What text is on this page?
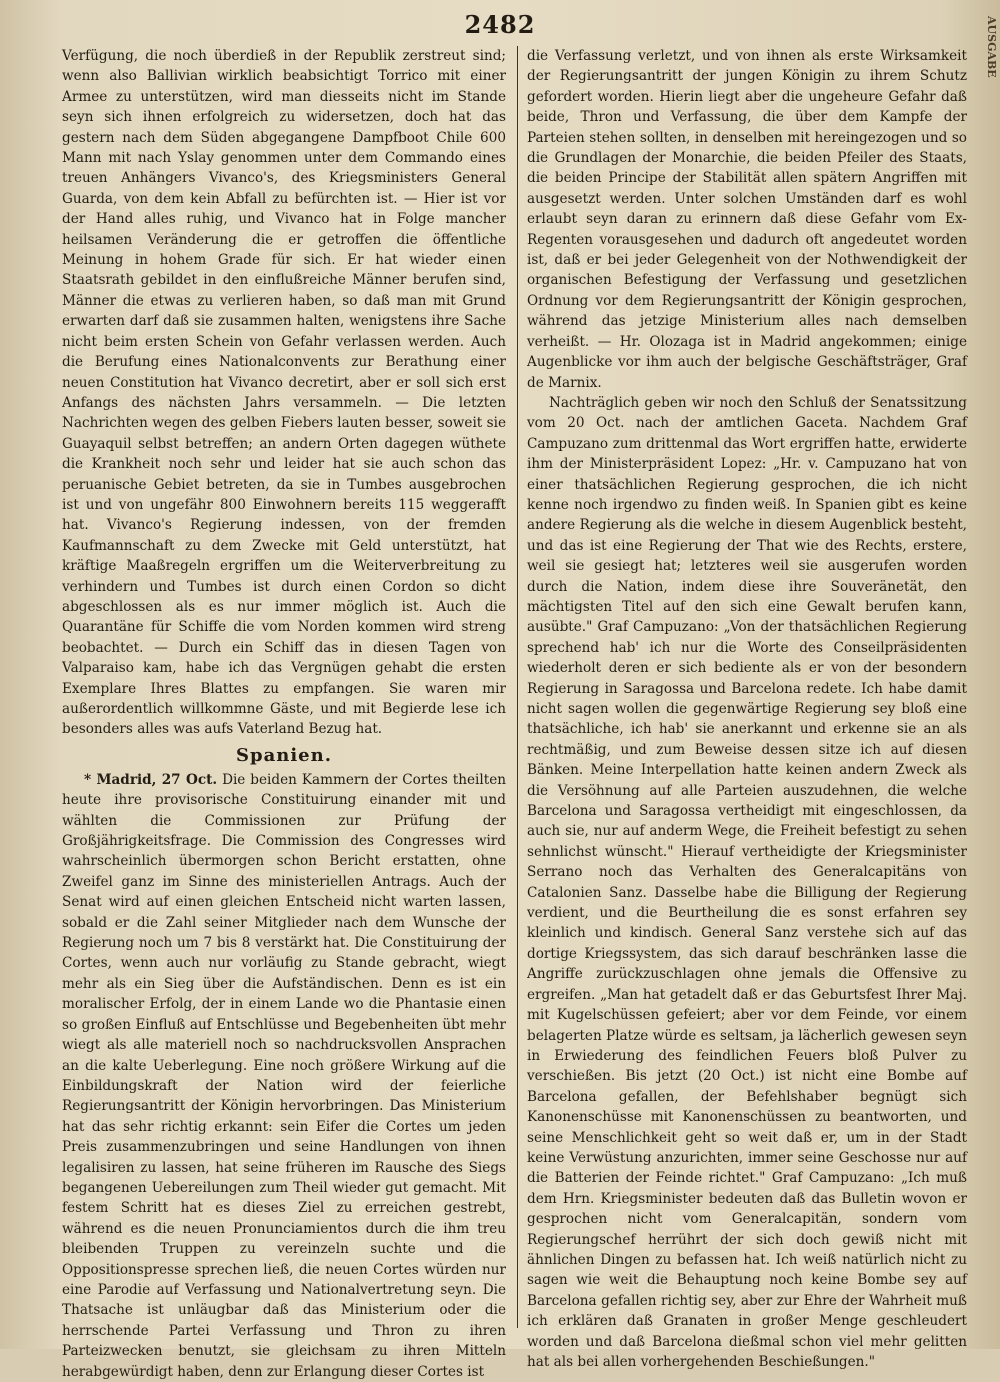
2482	AUSGABE

Verfügung, die noch überdieß in der Republik zerstreut sind; wenn also Ballivian wirklich beabsichtigt Torrico mit einer Armee zu unterstützen, wird man diesseits nicht im Stande seyn sich ihnen erfolgreich zu widersetzen, doch hat das gestern nach dem Süden abgegangene Dampfboot Chile 600 Mann mit nach Yslay genommen unter dem Commando eines treuen Anhängers Vivanco's, des Kriegsministers General Guarda, von dem kein Abfall zu befürchten ist. — Hier ist vor der Hand alles ruhig, und Vivanco hat in Folge mancher heilsamen Veränderung die er getroffen die öffentliche Meinung in hohem Grade für sich. Er hat wieder einen Staatsrath gebildet in den einflußreiche Männer berufen sind, Männer die etwas zu verlieren haben, so daß man mit Grund erwarten darf daß sie zusammen halten, wenigstens ihre Sache nicht beim ersten Schein von Gefahr verlassen werden. Auch die Berufung eines Nationalconvents zur Berathung einer neuen Constitution hat Vivanco decretirt, aber er soll sich erst Anfangs des nächsten Jahrs versammeln. — Die letzten Nachrichten wegen des gelben Fiebers lauten besser, soweit sie Guayaquil selbst betreffen; an andern Orten dagegen wüthete die Krankheit noch sehr und leider hat sie auch schon das peruanische Gebiet betreten, da sie in Tumbes ausgebrochen ist und von ungefähr 800 Einwohnern bereits 115 weggerafft hat. Vivanco's Regierung indessen, von der fremden Kaufmannschaft zu dem Zwecke mit Geld unterstützt, hat kräftige Maaßregeln ergriffen um die Weiterverbreitung zu verhindern und Tumbes ist durch einen Cordon so dicht abgeschlossen als es nur immer möglich ist. Auch die Quarantäne für Schiffe die vom Norden kommen wird streng beobachtet. — Durch ein Schiff das in diesen Tagen von Valparaiso kam, habe ich das Vergnügen gehabt die ersten Exemplare Ihres Blattes zu empfangen. Sie waren mir außerordentlich willkommne Gäste, und mit Begierde lese ich besonders alles was aufs Vaterland Bezug hat.

Spanien.

* Madrid, 27 Oct. Die beiden Kammern der Cortes theilten heute ihre provisorische Constituirung einander mit und wählten die Commissionen zur Prüfung der Großjährigkeitsfrage. Die Commission des Congresses wird wahrscheinlich übermorgen schon Bericht erstatten, ohne Zweifel ganz im Sinne des ministeriellen Antrags. Auch der Senat wird auf einen gleichen Entscheid nicht warten lassen, sobald er die Zahl seiner Mitglieder nach dem Wunsche der Regierung noch um 7 bis 8 verstärkt hat. Die Constituirung der Cortes, wenn auch nur vorläufig zu Stande gebracht, wiegt mehr als ein Sieg über die Aufständischen. Denn es ist ein moralischer Erfolg, der in einem Lande wo die Phantasie einen so großen Einfluß auf Entschlüsse und Begebenheiten übt mehr wiegt als alle materiell noch so nachdrucksvollen Ansprachen an die kalte Ueberlegung. Eine noch größere Wirkung auf die Einbildungskraft der Nation wird der feierliche Regierungsantritt der Königin hervorbringen. Das Ministerium hat das sehr richtig erkannt: sein Eifer die Cortes um jeden Preis zusammenzubringen und seine Handlungen von ihnen legalisiren zu lassen, hat seine früheren im Rausche des Siegs begangenen Uebereilungen zum Theil wieder gut gemacht. Mit festem Schritt hat es dieses Ziel zu erreichen gestrebt, während es die neuen Pronunciamientos durch die ihm treu bleibenden Truppen zu vereinzeln suchte und die Oppositionspresse sprechen ließ, die neuen Cortes würden nur eine Parodie auf Verfassung und Nationalvertretung seyn. Die Thatsache ist unläugbar daß das Ministerium oder die herrschende Partei Verfassung und Thron zu ihren Parteizwecken benutzt, sie gleichsam zu ihren Mitteln herabgewürdigt haben, denn zur Erlangung dieser Cortes ist

die Verfassung verletzt, und von ihnen als erste Wirksamkeit der Regierungsantritt der jungen Königin zu ihrem Schutz gefordert worden. Hierin liegt aber die ungeheure Gefahr daß beide, Thron und Verfassung, die über dem Kampfe der Parteien stehen sollten, in denselben mit hereingezogen und so die Grundlagen der Monarchie, die beiden Pfeiler des Staats, die beiden Principe der Stabilität allen spätern Angriffen mit ausgesetzt werden. Unter solchen Umständen darf es wohl erlaubt seyn daran zu erinnern daß diese Gefahr vom Ex-Regenten vorausgesehen und dadurch oft angedeutet worden ist, daß er bei jeder Gelegenheit von der Nothwendigkeit der organischen Befestigung der Verfassung und gesetzlichen Ordnung vor dem Regierungsantritt der Königin gesprochen, während das jetzige Ministerium alles nach demselben verheißt. — Hr. Olozaga ist in Madrid angekommen; einige Augenblicke vor ihm auch der belgische Geschäftsträger, Graf de Marnix.

Nachträglich geben wir noch den Schluß der Senatssitzung vom 20 Oct. nach der amtlichen Gaceta. Nachdem Graf Campuzano zum drittenmal das Wort ergriffen hatte, erwiderte ihm der Ministerpräsident Lopez: „Hr. v. Campuzano hat von einer thatsächlichen Regierung gesprochen, die ich nicht kenne noch irgendwo zu finden weiß. In Spanien gibt es keine andere Regierung als die welche in diesem Augenblick besteht, und das ist eine Regierung der That wie des Rechts, erstere, weil sie gesiegt hat; letzteres weil sie ausgerufen worden durch die Nation, indem diese ihre Souveränetät, den mächtigsten Titel auf den sich eine Gewalt berufen kann, ausübte." Graf Campuzano: „Von der thatsächlichen Regierung sprechend hab' ich nur die Worte des Conseilpräsidenten wiederholt deren er sich bediente als er von der besondern Regierung in Saragossa und Barcelona redete. Ich habe damit nicht sagen wollen die gegenwärtige Regierung sey bloß eine thatsächliche, ich hab' sie anerkannt und erkenne sie an als rechtmäßig, und zum Beweise dessen sitze ich auf diesen Bänken. Meine Interpellation hatte keinen andern Zweck als die Versöhnung auf alle Parteien auszudehnen, die welche Barcelona und Saragossa vertheidigt mit eingeschlossen, da auch sie, nur auf anderm Wege, die Freiheit befestigt zu sehen sehnlichst wünscht." Hierauf vertheidigte der Kriegsminister Serrano noch das Verhalten des Generalcapitäns von Catalonien Sanz. Dasselbe habe die Billigung der Regierung verdient, und die Beurtheilung die es sonst erfahren sey kleinlich und kindisch. General Sanz verstehe sich auf das dortige Kriegssystem, das sich darauf beschränken lasse die Angriffe zurückzuschlagen ohne jemals die Offensive zu ergreifen. „Man hat getadelt daß er das Geburtsfest Ihrer Maj. mit Kugelschüssen gefeiert; aber vor dem Feinde, vor einem belagerten Platze würde es seltsam, ja lächerlich gewesen seyn in Erwiederung des feindlichen Feuers bloß Pulver zu verschießen. Bis jetzt (20 Oct.) ist nicht eine Bombe auf Barcelona gefallen, der Befehlshaber begnügt sich Kanonenschüsse mit Kanonenschüssen zu beantworten, und seine Menschlichkeit geht so weit daß er, um in der Stadt keine Verwüstung anzurichten, immer seine Geschosse nur auf die Batterien der Feinde richtet." Graf Campuzano: „Ich muß dem Hrn. Kriegsminister bedeuten daß das Bulletin wovon er gesprochen nicht vom Generalcapitän, sondern vom Regierungschef herrührt der sich doch gewiß nicht mit ähnlichen Dingen zu befassen hat. Ich weiß natürlich nicht zu sagen wie weit die Behauptung noch keine Bombe sey auf Barcelona gefallen richtig sey, aber zur Ehre der Wahrheit muß ich erklären daß Granaten in großer Menge geschleudert worden und daß Barcelona dießmal schon viel mehr gelitten hat als bei allen vorhergehenden Beschießungen."
